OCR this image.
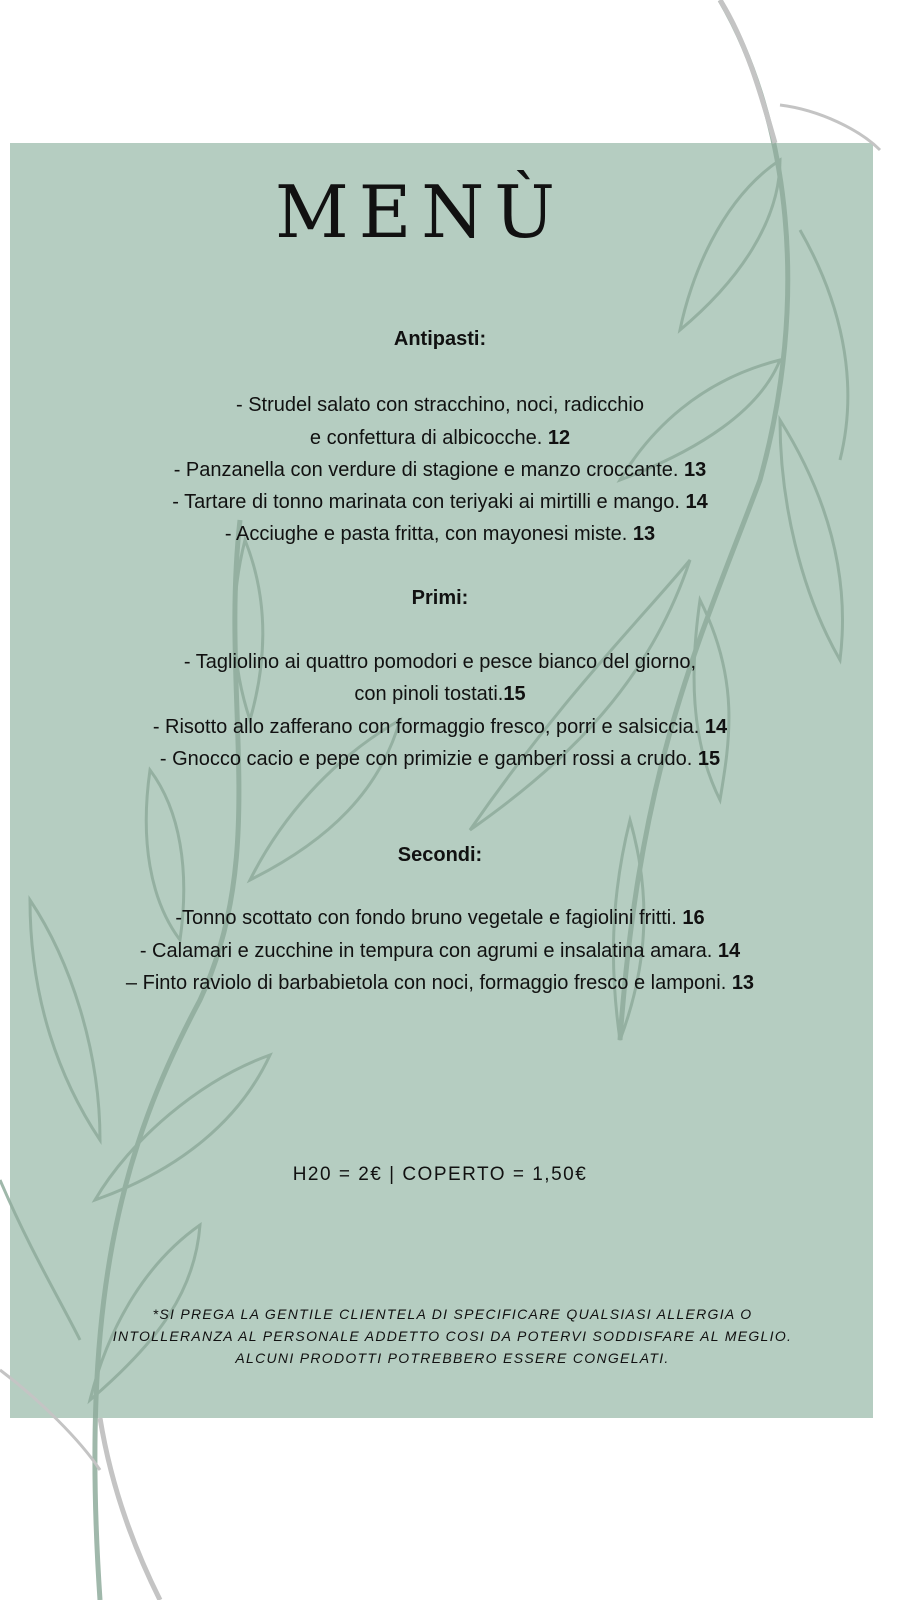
MENÙ
Antipasti:
- Strudel salato con stracchino, noci, radicchio
e confettura di albicocche. 12
- Panzanella con verdure di stagione e manzo croccante. 13
- Tartare di tonno marinata con teriyaki ai mirtilli e mango. 14
- Acciughe e pasta fritta, con mayonesi miste. 13
Primi:
- Tagliolino ai quattro pomodori e pesce bianco del giorno,
con pinoli tostati.15
- Risotto allo zafferano con formaggio fresco, porri e salsiccia. 14
- Gnocco cacio e pepe con primizie e gamberi rossi a crudo. 15
Secondi:
-Tonno scottato con fondo bruno vegetale e fagiolini fritti. 16
- Calamari e zucchine in tempura con agrumi e insalatina amara. 14
– Finto raviolo di barbabietola con noci, formaggio fresco e lamponi. 13
H20 = 2€ | COPERTO = 1,50€
*SI PREGA LA GENTILE CLIENTELA DI SPECIFICARE QUALSIASI ALLERGIA O
INTOLLERANZA AL PERSONALE ADDETTO COSI DA POTERVI SODDISFARE AL MEGLIO.
ALCUNI PRODOTTI POTREBBERO ESSERE CONGELATI.
